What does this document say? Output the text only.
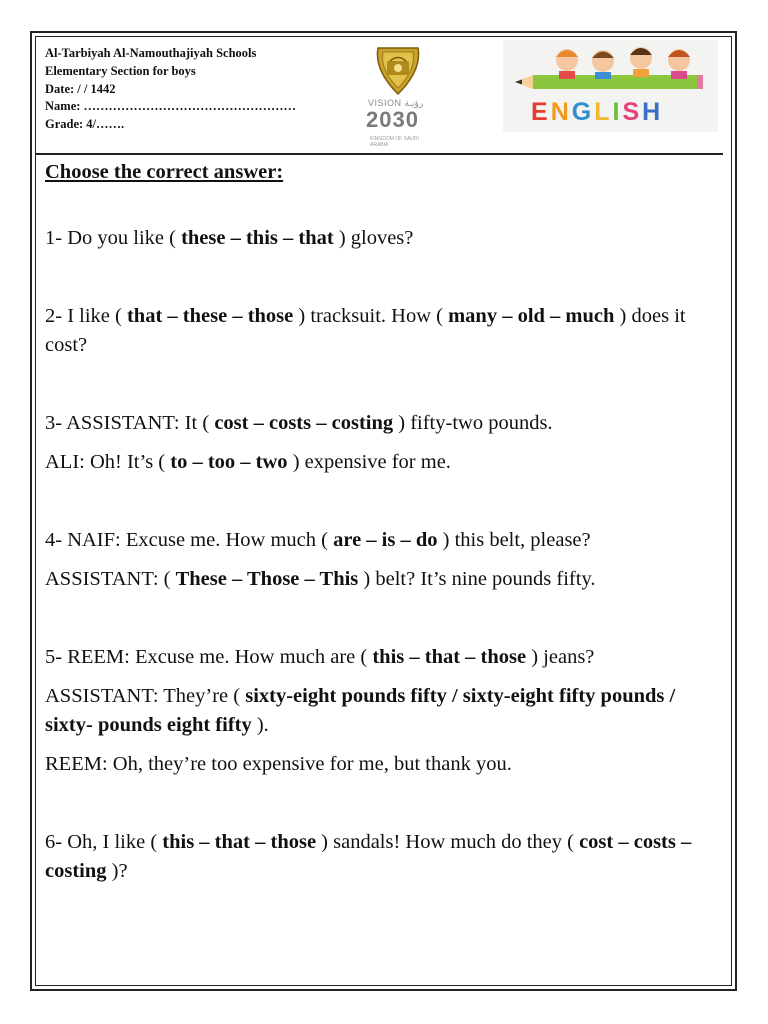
Al-Tarbiyah Al-Namouthajiyah Schools
Elementary Section for boys
Date: / / 1442
Name: ……………………………………………
Grade: 4/…….
VISION رؤيـة
2030
KINGDOM OF SAUDI ARABIA
ENGLISH
Choose the correct answer:

1- Do you like ( these – this – that ) gloves?

2- I like ( that – these – those ) tracksuit. How ( many – old – much ) does it cost?

3- ASSISTANT: It ( cost – costs – costing ) fifty-two pounds.

ALI: Oh! It’s ( to – too – two ) expensive for me.

4- NAIF: Excuse me. How much ( are – is – do ) this belt, please?

ASSISTANT: ( These – Those – This ) belt? It’s nine pounds fifty.

5- REEM: Excuse me. How much are ( this – that – those ) jeans?

ASSISTANT: They’re ( sixty-eight pounds fifty / sixty-eight fifty pounds / sixty- pounds eight fifty ).

REEM: Oh, they’re too expensive for me, but thank you.

6- Oh, I like ( this – that – those ) sandals! How much do they ( cost – costs – costing )?
